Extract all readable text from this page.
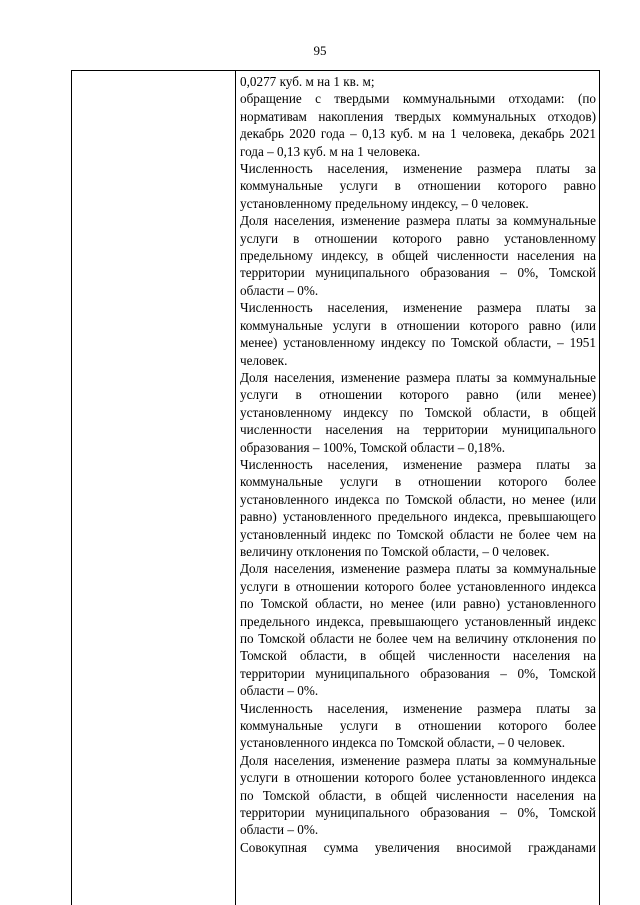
95

0,0277 куб. м на 1 кв. м;

обращение с твердыми коммунальными отходами: (по нормативам накопления твердых коммунальных отходов) декабрь 2020 года – 0,13 куб. м на 1 человека, декабрь 2021 года – 0,13 куб. м на 1 человека.

Численность населения, изменение размера платы за коммунальные услуги в отношении которого равно установленному предельному индексу, – 0 человек.

Доля населения, изменение размера платы за коммунальные услуги в отношении которого равно установленному предельному индексу, в общей численности населения на территории муниципального образования – 0%, Томской области – 0%.

Численность населения, изменение размера платы за коммунальные услуги в отношении которого равно (или менее) установленному индексу по Томской области, – 1951 человек.

Доля населения, изменение размера платы за коммунальные услуги в отношении которого равно (или менее) установленному индексу по Томской области, в общей численности населения на территории муниципального образования – 100%, Томской области – 0,18%.

Численность населения, изменение размера платы за коммунальные услуги в отношении которого более установленного индекса по Томской области, но менее (или равно) установленного предельного индекса, превышающего установленный индекс по Томской области не более чем на величину отклонения по Томской области, – 0 человек.

Доля населения, изменение размера платы за коммунальные услуги в отношении которого более установленного индекса по Томской области, но менее (или равно) установленного предельного индекса, превышающего установленный индекс по Томской области не более чем на величину отклонения по Томской области, в общей численности населения на территории муниципального образования – 0%, Томской области – 0%.

Численность населения, изменение размера платы за коммунальные услуги в отношении которого более установленного индекса по Томской области, – 0 человек.

Доля населения, изменение размера платы за коммунальные услуги в отношении которого более установленного индекса по Томской области, в общей численности населения на территории муниципального образования – 0%, Томской области – 0%.

Совокупная сумма увеличения вносимой гражданами
